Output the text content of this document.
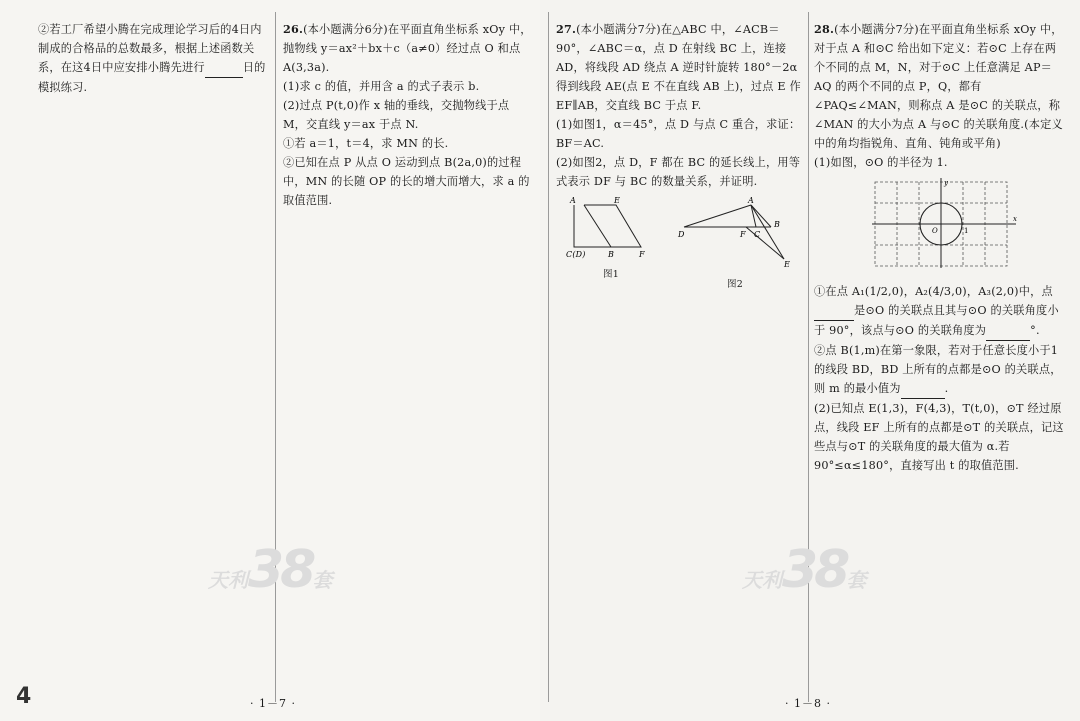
②若工厂希望小腾在完成理论学习后的4日内制成的合格品的总数最多，根据上述函数关系，在这4日中应安排小腾先进行	日的模拟练习.

26.(本小题满分6分)在平面直角坐标系 xOy 中，抛物线 y＝ax²＋bx＋c（a≠0）经过点 O 和点 A(3,3a).

(1)求 c 的值，并用含 a 的式子表示 b.

(2)过点 P(t,0)作 x 轴的垂线，交抛物线于点 M，交直线 y＝ax 于点 N.

①若 a＝1，t＝4，求 MN 的长.

②已知在点 P 从点 O 运动到点 B(2a,0)的过程中，MN 的长随 OP 的长的增大而增大，求 a 的取值范围.

27.(本小题满分7分)在△ABC 中，∠ACB＝90°，∠ABC＝α，点 D 在射线 BC 上，连接 AD，将线段 AD 绕点 A 逆时针旋转 180°－2α 得到线段 AE(点 E 不在直线 AB 上)，过点 E 作 EF∥AB，交直线 BC 于点 F.

(1)如图1，α＝45°，点 D 与点 C 重合，求证：BF＝AC.

(2)如图2，点 D，F 都在 BC 的延长线上，用等式表示 DF 与 BC 的数量关系，并证明.

A	E
C(D)	B	F
图1
A
B
D	F C
E
图2

28.(本小题满分7分)在平面直角坐标系 xOy 中，对于点 A 和⊙C 给出如下定义：若⊙C 上存在两个不同的点 M，N，对于⊙C 上任意满足 AP＝AQ 的两个不同的点 P，Q，都有∠PAQ≤∠MAN，则称点 A 是⊙C 的关联点，称∠MAN 的大小为点 A 与⊙C 的关联角度.(本定义中的角均指锐角、直角、钝角或平角)

(1)如图，⊙O 的半径为 1.

x
y
O	1

①在点 A₁(1/2,0)，A₂(4/3,0)，A₃(2,0)中，点 是⊙O 的关联点且其与⊙O 的关联角度小于 90°，该点与⊙O 的关联角度为	°.

②点 B(1,m)在第一象限，若对于任意长度小于1的线段 BD，BD 上所有的点都是⊙O 的关联点，则 m 的最小值为	.

(2)已知点 E(1,3)，F(4,3)，T(t,0)，⊙T 经过原点，线段 EF 上所有的点都是⊙T 的关联点，记这些点与⊙T 的关联角度的最大值为 α.若 90°≤α≤180°，直接写出 t 的取值范围.

天利38套	天利38套
4	· 1－7 ·	· 1－8 ·
